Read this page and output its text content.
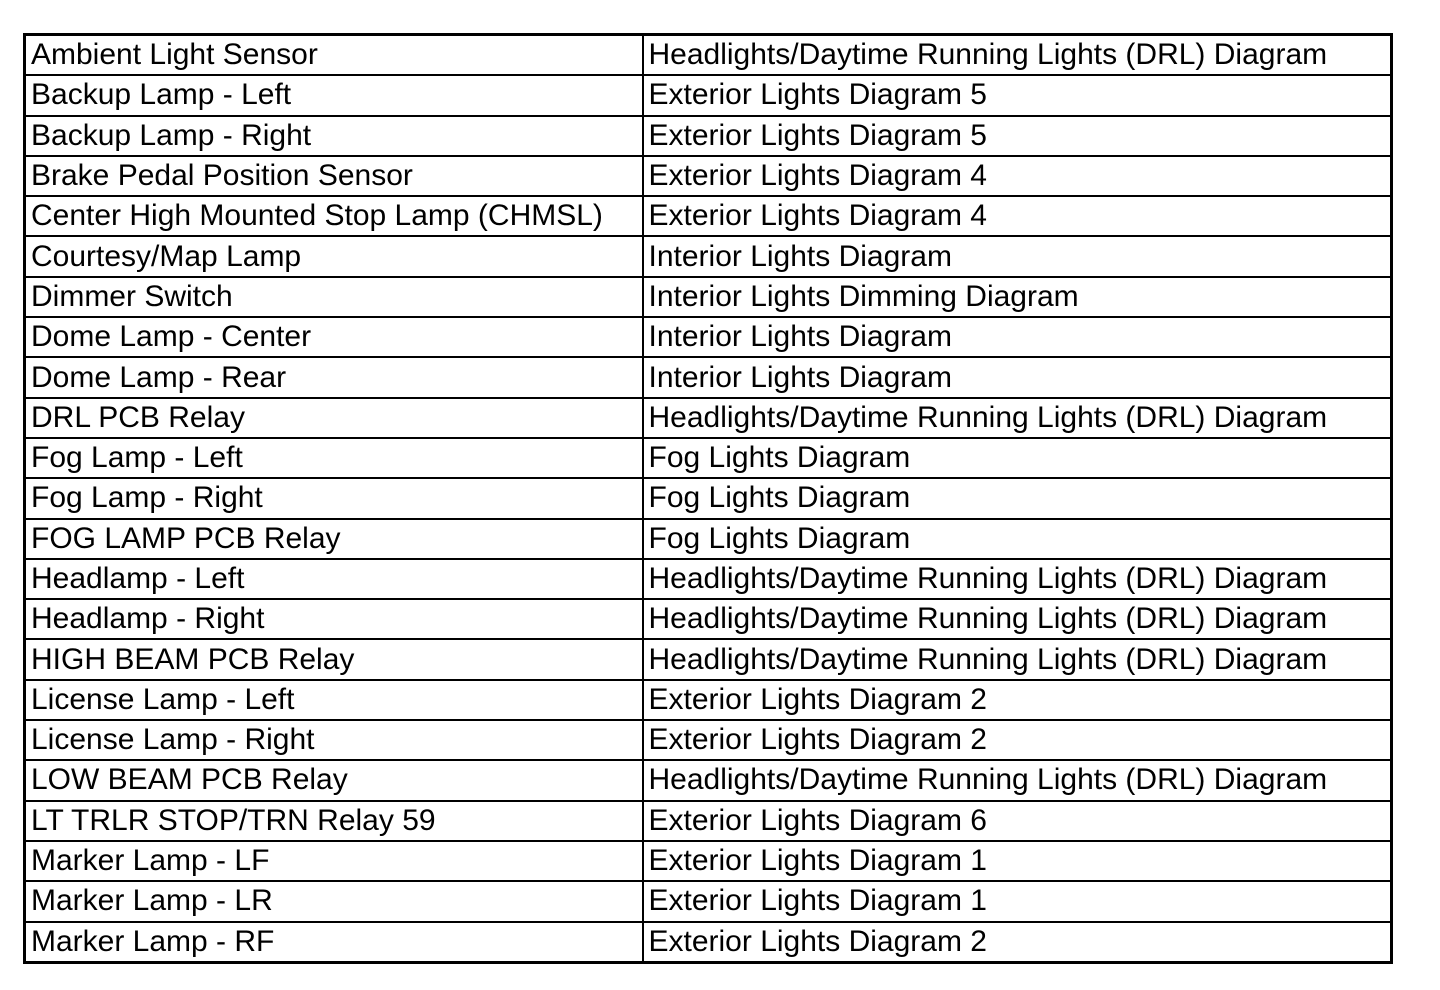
Ambient Light Sensor	Headlights/Daytime Running Lights (DRL) Diagram
Backup Lamp - Left	Exterior Lights Diagram 5
Backup Lamp - Right	Exterior Lights Diagram 5
Brake Pedal Position Sensor	Exterior Lights Diagram 4
Center High Mounted Stop Lamp (CHMSL)	Exterior Lights Diagram 4
Courtesy/Map Lamp	Interior Lights Diagram
Dimmer Switch	Interior Lights Dimming Diagram
Dome Lamp - Center	Interior Lights Diagram
Dome Lamp - Rear	Interior Lights Diagram
DRL PCB Relay	Headlights/Daytime Running Lights (DRL) Diagram
Fog Lamp - Left	Fog Lights Diagram
Fog Lamp - Right	Fog Lights Diagram
FOG LAMP PCB Relay	Fog Lights Diagram
Headlamp - Left	Headlights/Daytime Running Lights (DRL) Diagram
Headlamp - Right	Headlights/Daytime Running Lights (DRL) Diagram
HIGH BEAM PCB Relay	Headlights/Daytime Running Lights (DRL) Diagram
License Lamp - Left	Exterior Lights Diagram 2
License Lamp - Right	Exterior Lights Diagram 2
LOW BEAM PCB Relay	Headlights/Daytime Running Lights (DRL) Diagram
LT TRLR STOP/TRN Relay 59	Exterior Lights Diagram 6
Marker Lamp - LF	Exterior Lights Diagram 1
Marker Lamp - LR	Exterior Lights Diagram 1
Marker Lamp - RF	Exterior Lights Diagram 2
